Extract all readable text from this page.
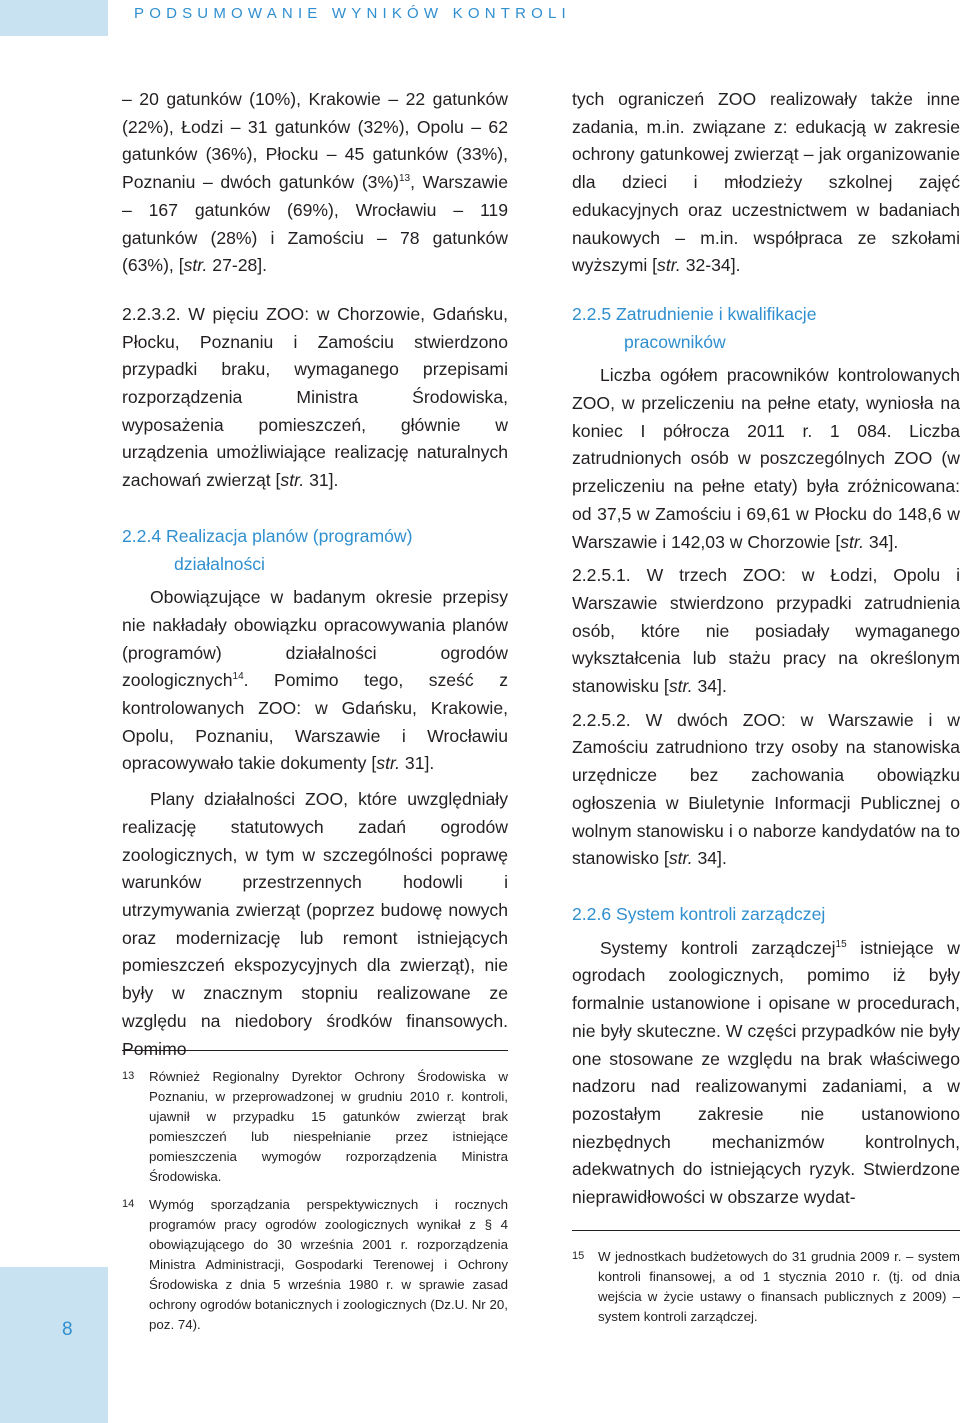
PODSUMOWANIE WYNIKÓW KONTROLI
8

– 20 gatunków (10%), Krakowie – 22 gatunków (22%), Łodzi – 31 gatunków (32%), Opolu – 62 gatunków (36%), Płocku – 45 gatunków (33%), Poznaniu – dwóch gatunków $(3\%)^{13}$, Warszawie – 167 gatunków (69%), Wrocławiu – 119 gatunków (28%) i Zamościu – 78 gatunków (63%), [str. 27-28].

2.2.3.2. W pięciu ZOO: w Chorzowie, Gdańsku, Płocku, Poznaniu i Zamościu stwierdzono przypadki braku, wymaganego przepisami rozporządzenia Ministra Środowiska, wyposażenia pomieszczeń, głównie w urządzenia umożliwiające realizację naturalnych zachowań zwierząt [str. 31].

2.2.4 Realizacja planów (programów)
działalności

Obowiązujące w badanym okresie przepisy nie nakładały obowiązku opracowywania planów (programów) działalności ogrodów zoologicznych$^{14}$. Pomimo tego, sześć z kontrolowanych ZOO: w Gdańsku, Krakowie, Opolu, Poznaniu, Warszawie i Wrocławiu opracowywało takie dokumenty [str. 31].

Plany działalności ZOO, które uwzględniały realizację statutowych zadań ogrodów zoologicznych, w tym w szczególności poprawę warunków przestrzennych hodowli i utrzymywania zwierząt (poprzez budowę nowych oraz modernizację lub remont istniejących pomieszczeń ekspozycyjnych dla zwierząt), nie były w znacznym stopniu realizowane ze względu na niedobory środków finansowych. Pomimo

13 Również Regionalny Dyrektor Ochrony Środowiska w Poznaniu, w przeprowadzonej w grudniu 2010 r. kontroli, ujawnił w przypadku 15 gatunków zwierząt brak pomieszczeń lub niespełnianie przez istniejące pomieszczenia wymogów rozporządzenia Ministra Środowiska.
14 Wymóg sporządzania perspektywicznych i rocznych programów pracy ogrodów zoologicznych wynikał z § 4 obowiązującego do 30 września 2001 r. rozporządzenia Ministra Administracji, Gospodarki Terenowej i Ochrony Środowiska z dnia 5 września 1980 r. w sprawie zasad ochrony ogrodów botanicznych i zoologicznych (Dz.U. Nr 20, poz. 74).

tych ograniczeń ZOO realizowały także inne zadania, m.in. związane z: edukacją w zakresie ochrony gatunkowej zwierząt – jak organizowanie dla dzieci i młodzieży szkolnej zajęć edukacyjnych oraz uczestnictwem w badaniach naukowych – m.in. współpraca ze szkołami wyższymi [str. 32-34].

2.2.5 Zatrudnienie i kwalifikacje
pracowników

Liczba ogółem pracowników kontrolowanych ZOO, w przeliczeniu na pełne etaty, wyniosła na koniec I półrocza 2011 r. 1 084. Liczba zatrudnionych osób w poszczególnych ZOO (w przeliczeniu na pełne etaty) była zróżnicowana: od 37,5 w Zamościu i 69,61 w Płocku do 148,6 w Warszawie i 142,03 w Chorzowie [str. 34].

2.2.5.1. W trzech ZOO: w Łodzi, Opolu i Warszawie stwierdzono przypadki zatrudnienia osób, które nie posiadały wymaganego wykształcenia lub stażu pracy na określonym stanowisku [str. 34].

2.2.5.2. W dwóch ZOO: w Warszawie i w Zamościu zatrudniono trzy osoby na stanowiska urzędnicze bez zachowania obowiązku ogłoszenia w Biuletynie Informacji Publicznej o wolnym stanowisku i o naborze kandydatów na to stanowisko [str. 34].

2.2.6 System kontroli zarządczej

Systemy kontroli zarządczej$^{15}$ istniejące w ogrodach zoologicznych, pomimo iż były formalnie ustanowione i opisane w procedurach, nie były skuteczne. W części przypadków nie były one stosowane ze względu na brak właściwego nadzoru nad realizowanymi zadaniami, a w pozostałym zakresie nie ustanowiono niezbędnych mechanizmów kontrolnych, adekwatnych do istniejących ryzyk. Stwierdzone nieprawidłowości w obszarze wydat-

15 W jednostkach budżetowych do 31 grudnia 2009 r. – system kontroli finansowej, a od 1 stycznia 2010 r. (tj. od dnia wejścia w życie ustawy o finansach publicznych z 2009) – system kontroli zarządczej.
